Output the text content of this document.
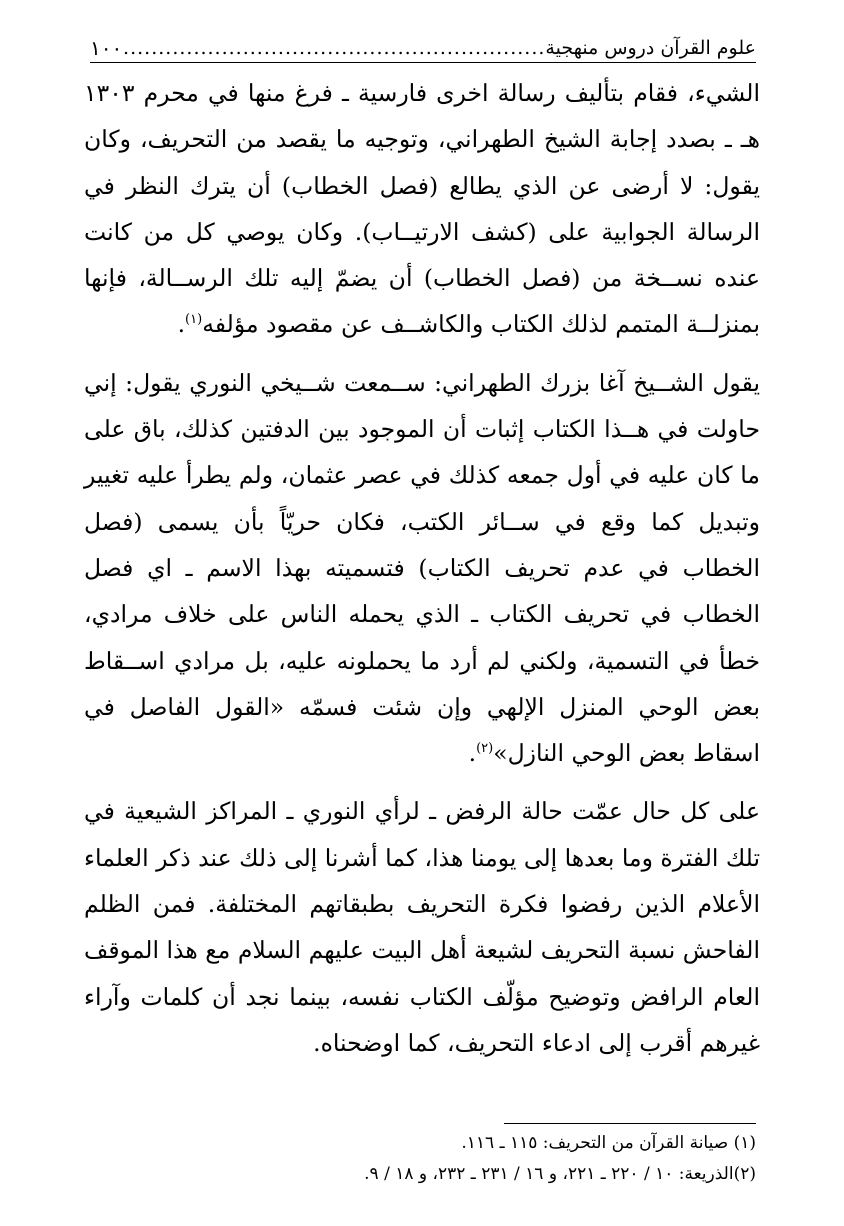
علوم القرآن دروس منهجية
............................................................
١٠٠

الشيء، فقام بتأليف رسالة اخرى فارسية ـ فرغ منها في محرم ١٣٠٣ هـ ـ بصدد إجابة الشيخ الطهراني، وتوجيه ما يقصد من التحريف، وكان يقول: لا أرضى عن الذي يطالع (فصل الخطاب) أن يترك النظر في الرسالة الجوابية على (كشف الارتيــاب). وكان يوصي كل من كانت عنده نســخة من (فصل الخطاب) أن يضمّ إليه تلك الرســالة، فإنها بمنزلــة المتمم لذلك الكتاب والكاشــف عن مقصود مؤلفه$^{(١)}$.

يقول الشــيخ آغا بزرك الطهراني: ســمعت شــيخي النوري يقول: إني حاولت في هــذا الكتاب إثبات أن الموجود بين الدفتين كذلك، باق على ما كان عليه في أول جمعه كذلك في عصر عثمان، ولم يطرأ عليه تغيير وتبديل كما وقع في ســائر الكتب، فكان حريّاً بأن يسمى (فصل الخطاب في عدم تحريف الكتاب) فتسميته بهذا الاسم ـ اي فصل الخطاب في تحريف الكتاب ـ الذي يحمله الناس على خلاف مرادي، خطأ في التسمية، ولكني لم أرد ما يحملونه عليه، بل مرادي اســقاط بعض الوحي المنزل الإلهي وإن شئت فسمّه «القول الفاصل في اسقاط بعض الوحي النازل»$^{(٢)}$.

على كل حال عمّت حالة الرفض ـ لرأي النوري ـ المراكز الشيعية في تلك الفترة وما بعدها إلى يومنا هذا، كما أشرنا إلى ذلك عند ذكر العلماء الأعلام الذين رفضوا فكرة التحريف بطبقاتهم المختلفة. فمن الظلم الفاحش نسبة التحريف لشيعة أهل البيت عليهم السلام مع هذا الموقف العام الرافض وتوضيح مؤلّف الكتاب نفسه، بينما نجد أن كلمات وآراء غيرهم أقرب إلى ادعاء التحريف، كما اوضحناه.

(١) صيانة القرآن من التحريف: ١١٥ ـ ١١٦.
(٢)الذريعة: ١٠ / ٢٢٠ ـ ٢٢١، و ١٦ / ٢٣١ ـ ٢٣٢، و ١٨ / ٩.
